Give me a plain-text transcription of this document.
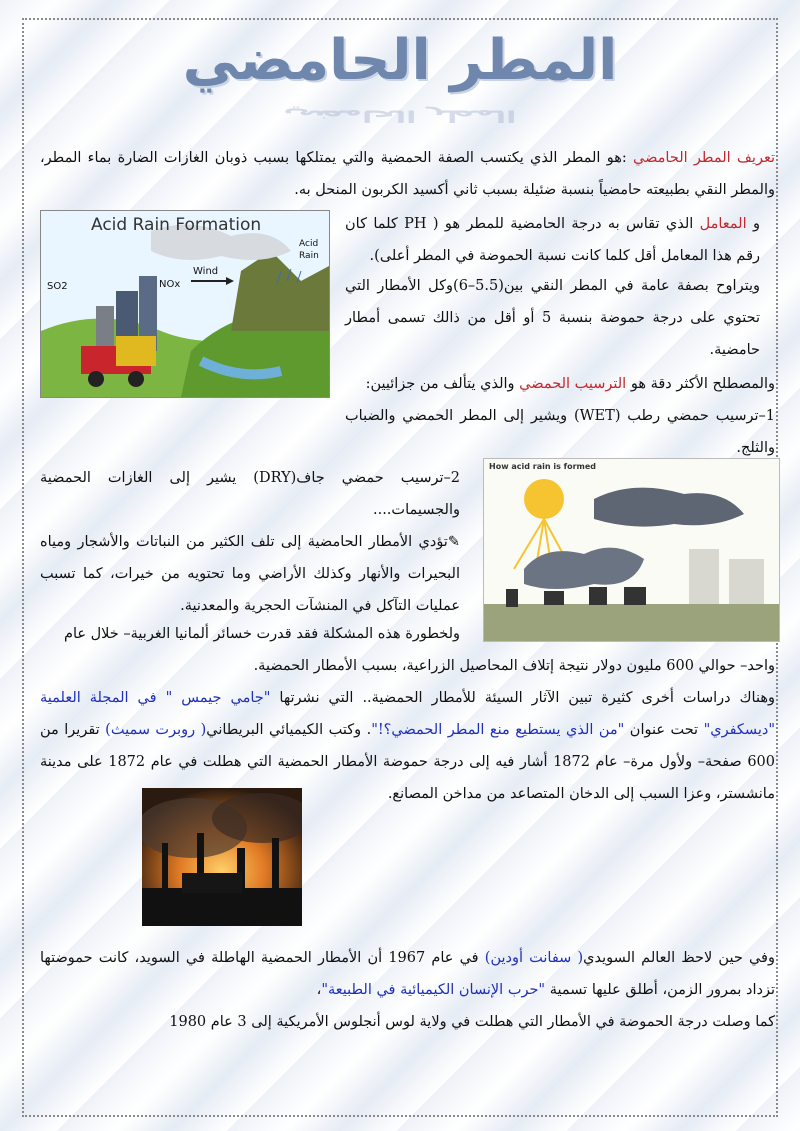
المطر الحامضي
المطر الحامضي
تعريف المطر الحامضي :هو المطر الذي يكتسب الصفة الحمضية والتي يمتلكها بسبب ذوبان الغازات الضارة بماء المطر، والمطر النقي بطبيعته حامضياً بنسبة ضئيلة بسبب ثاني أكسيد الكربون المنحل به.
Acid Rain Formation
SO2	NOx
Wind
Acid
Rain
و المعامل الذي تقاس به درجة الحامضية للمطر هو ( PH كلما كان رقم هذا المعامل أقل كلما كانت نسبة الحموضة في المطر أعلى).
ويتراوح بصفة عامة في المطر النقي بين(5.5–6)وكل الأمطار التي تحتوي على درجة حموضة بنسبة 5 أو أقل من ذالك تسمى أمطار حامضية.
والمصطلح الأكثر دقة هو الترسيب الحمضي والذي يتألف من جزائيين:
1–ترسيب حمضي رطب (WET) ويشير إلى المطر الحمضي والضباب والثلج.
How acid rain is formed
2–ترسيب حمضي جاف(DRY) يشير إلى الغازات الحمضية والجسيمات....
✎تؤدي الأمطار الحامضية إلى تلف الكثير من النباتات والأشجار ومياه البحيرات والأنهار وكذلك الأراضي وما تحتويه من خيرات، كما تسبب عمليات التآكل في المنشآت الحجرية والمعدنية.
ولخطورة هذه المشكلة فقد قدرت خسائر ألمانيا الغربية– خلال عام
واحد– حوالي 600 مليون دولار نتيجة إتلاف المحاصيل الزراعية، بسبب الأمطار الحمضية.
وهناك دراسات أخرى كثيرة تبين الآثار السيئة للأمطار الحمضية.. التي نشرتها "جامي جيمس " في المجلة العلمية "ديسكفري" تحت عنوان "من الذي يستطيع منع المطر الحمضي؟!". وكتب الكيميائي البريطاني( روبرت سميث) تقريرا من 600 صفحة– ولأول مرة– عام 1872 أشار فيه إلى درجة حموضة الأمطار الحمضية التي هطلت في عام 1872 على مدينة مانشستر، وعزا السبب إلى الدخان المتصاعد من مداخن المصانع.
وفي حين لاحظ العالم السويدي( سفانت أودين) في عام 1967 أن الأمطار الحمضية الهاطلة في السويد، كانت حموضتها تزداد بمرور الزمن، أطلق عليها تسمية "حرب الإنسان الكيميائية في الطبيعة"،
كما وصلت درجة الحموضة في الأمطار التي هطلت في ولاية لوس أنجلوس الأمريكية إلى 3 عام 1980
